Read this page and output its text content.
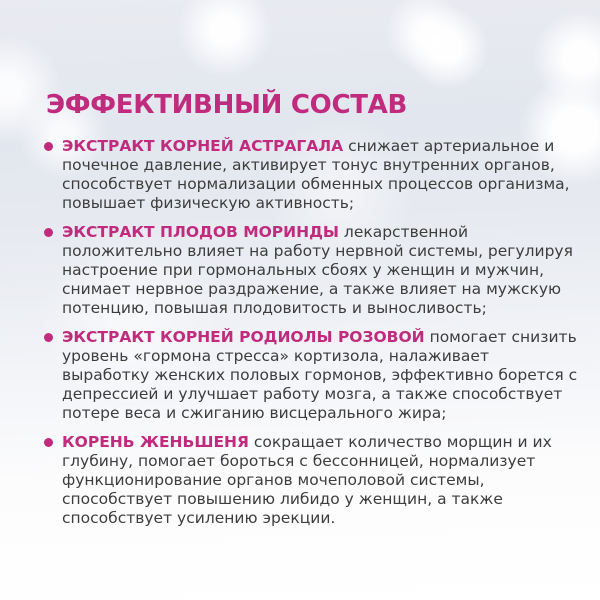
ЭФФЕКТИВНЫЙ СОСТАВ

ЭКСТРАКТ КОРНЕЙ АСТРАГАЛА снижает артериальное и почечное давление, активирует тонус внутренних органов, способствует нормализации обменных процессов организма, повышает физическую активность;

ЭКСТРАКТ ПЛОДОВ МОРИНДЫ лекарственной положительно влияет на работу нервной системы, регулируя настроение при гормональных сбоях у женщин и мужчин, снимает нервное раздражение, а также влияет на мужскую потенцию, повышая плодовитость и выносливость;

ЭКСТРАКТ КОРНЕЙ РОДИОЛЫ РОЗОВОЙ помогает снизить уровень «гормона стресса» кортизола, налаживает выработку женских половых гормонов, эффективно борется с депрессией и улучшает работу мозга, а также способствует потере веса и сжиганию висцерального жира;

КОРЕНЬ ЖЕНЬШЕНЯ сокращает количество морщин и их глубину, помогает бороться с бессонницей, нормализует функционирование органов мочеполовой системы, способствует повышению либидо у женщин, а также способствует усилению эрекции.
